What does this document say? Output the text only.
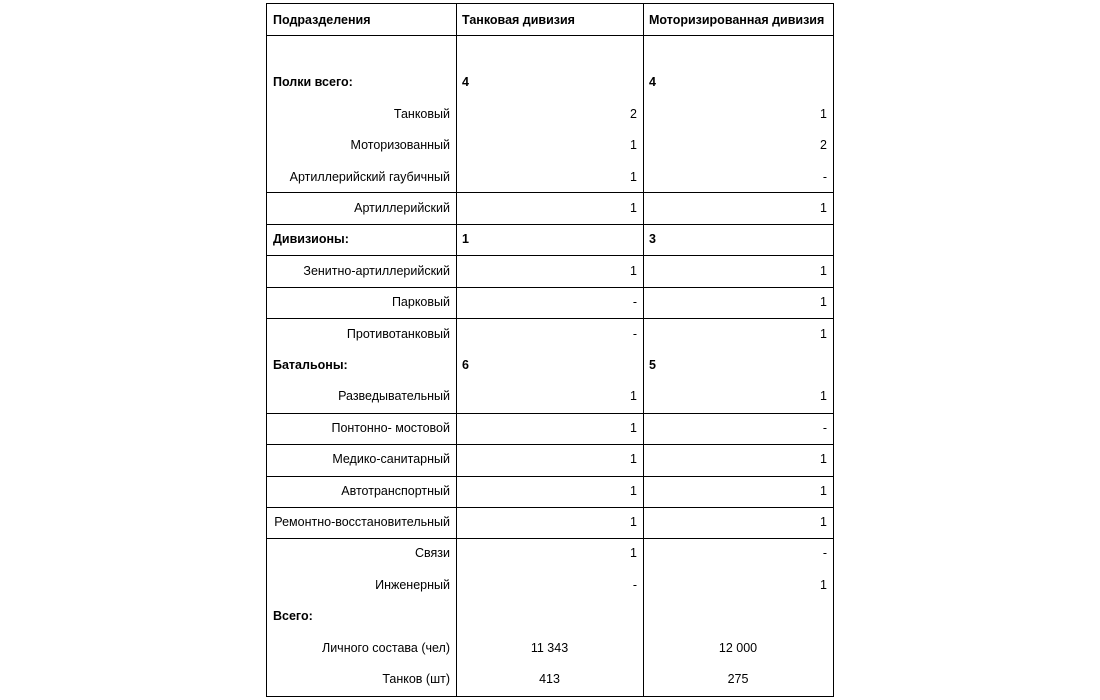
Подразделения	Танковая дивизия	Моторизированная дивизия
Полки всего:	4	4
Танковый	2	1
Моторизованный	1	2
Артиллерийский гаубичный	1	-
Артиллерийский	1	1
Дивизионы:	1	3
Зенитно-артиллерийский	1	1
Парковый	-	1
Противотанковый	-	1
Батальоны:	6	5
Разведывательный	1	1
Понтонно- мостовой	1	-
Медико-санитарный	1	1
Автотранспортный	1	1
Ремонтно-восстановительный	1	1
Связи	1	-
Инженерный	-	1
Всего:
Личного состава (чел)	11 343	12 000
Танков (шт)	413	275
